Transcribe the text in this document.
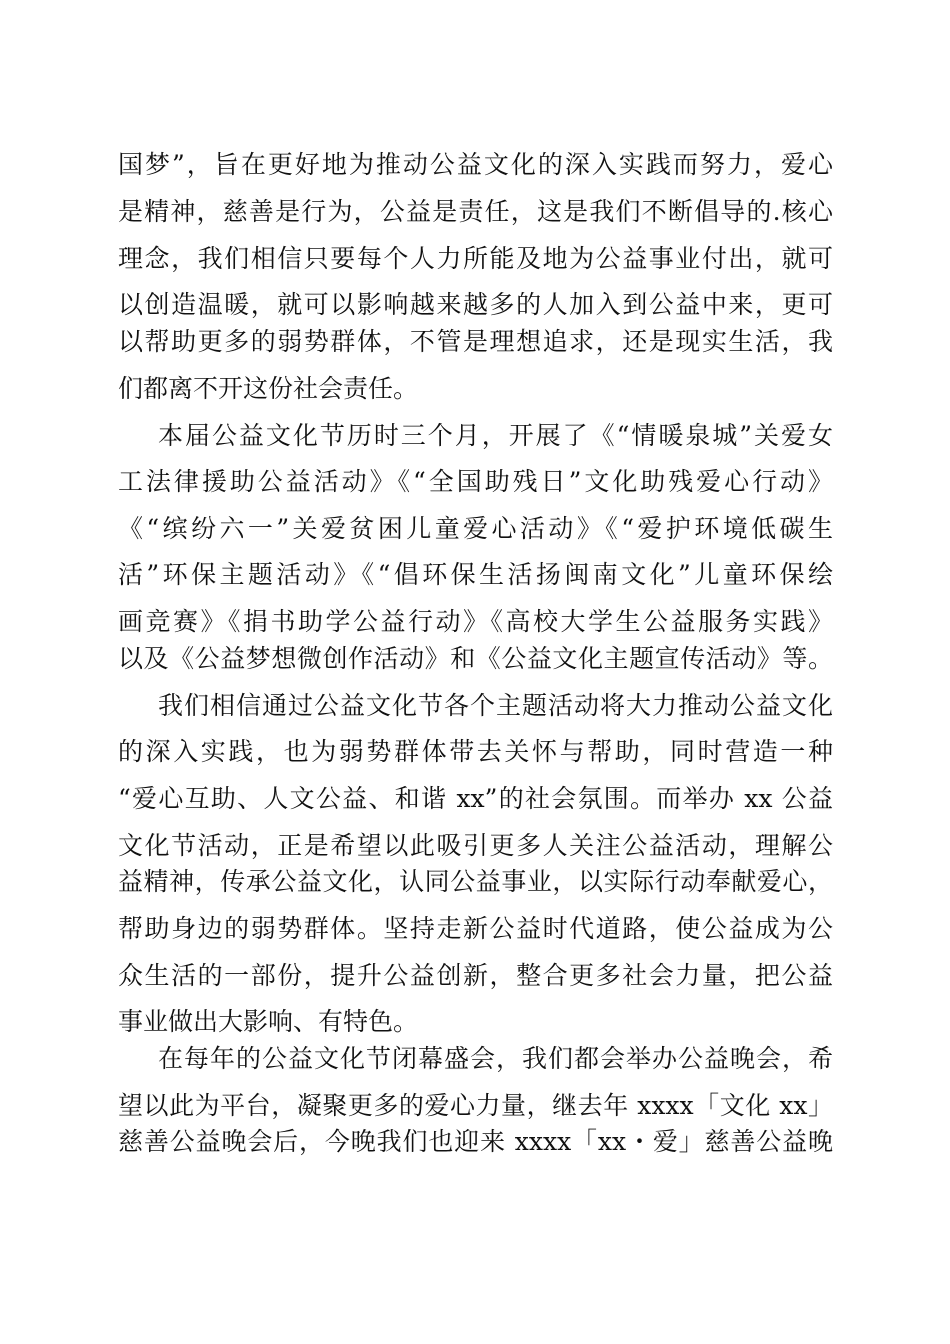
国梦”，旨在更好地为推动公益文化的深入实践而努力，爱心
是精神，慈善是行为，公益是责任，这是我们不断倡导的.核心
理念，我们相信只要每个人力所能及地为公益事业付出，就可
以创造温暖，就可以影响越来越多的人加入到公益中来，更可
以帮助更多的弱势群体，不管是理想追求，还是现实生活，我
们都离不开这份社会责任。
本届公益文化节历时三个月，开展了《“情暖泉城”关爱女
工法律援助公益活动》《“全国助残日”文化助残爱心行动》
《“缤纷六一”关爱贫困儿童爱心活动》《“爱护环境低碳生
活”环保主题活动》《“倡环保生活扬闽南文化”儿童环保绘
画竞赛》《捐书助学公益行动》《高校大学生公益服务实践》
以及《公益梦想微创作活动》和《公益文化主题宣传活动》等。
我们相信通过公益文化节各个主题活动将大力推动公益文化
的深入实践，也为弱势群体带去关怀与帮助，同时营造一种
“爱心互助、人文公益、和谐 xx”的社会氛围。而举办 xx 公益
文化节活动，正是希望以此吸引更多人关注公益活动，理解公
益精神，传承公益文化，认同公益事业，以实际行动奉献爱心，
帮助身边的弱势群体。坚持走新公益时代道路，使公益成为公
众生活的一部份，提升公益创新，整合更多社会力量，把公益
事业做出大影响、有特色。
在每年的公益文化节闭幕盛会，我们都会举办公益晚会，希
望以此为平台，凝聚更多的爱心力量，继去年 xxxx「文化 xx」
慈善公益晚会后，今晚我们也迎来 xxxx「xx・爱」慈善公益晚
